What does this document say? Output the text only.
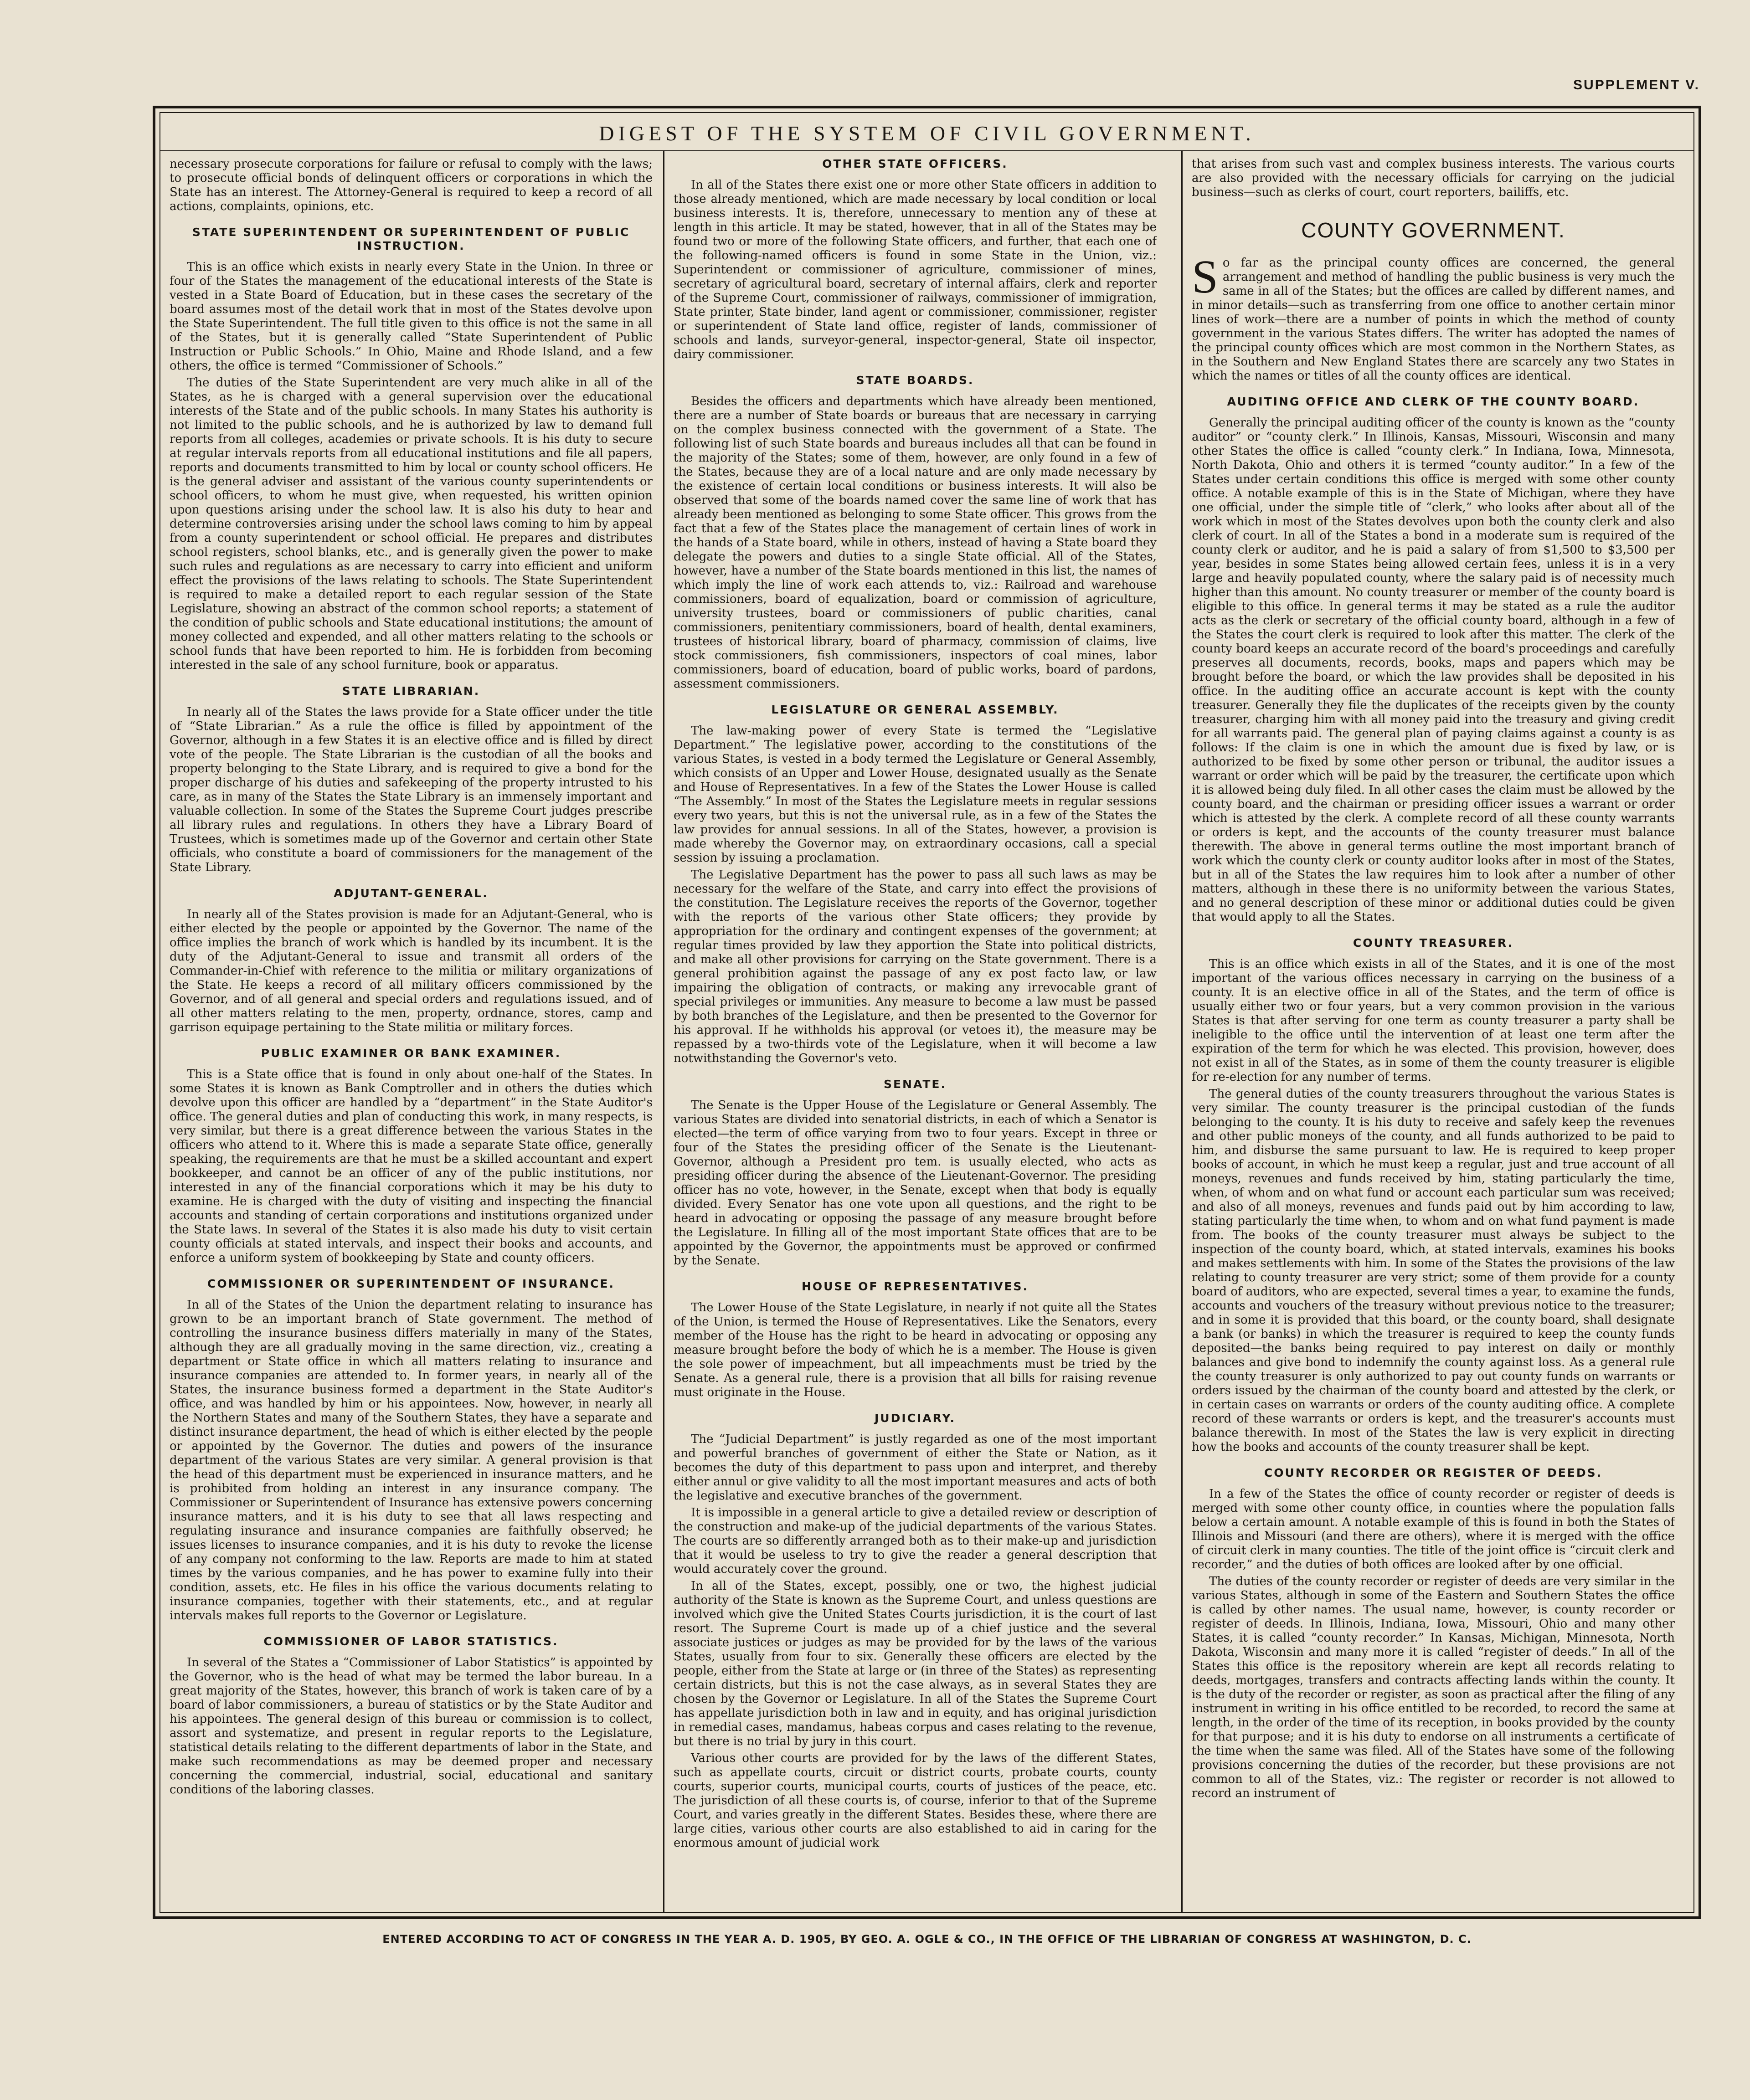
SUPPLEMENT V.
DIGEST OF THE SYSTEM OF CIVIL GOVERNMENT.

necessary prosecute corporations for failure or refusal to comply with the laws; to prosecute official bonds of delinquent officers or corporations in which the State has an interest. The Attorney-General is required to keep a record of all actions, complaints, opinions, etc.

STATE SUPERINTENDENT OR SUPERINTENDENT OF PUBLIC INSTRUCTION.

This is an office which exists in nearly every State in the Union. In three or four of the States the management of the educational interests of the State is vested in a State Board of Education, but in these cases the secretary of the board assumes most of the detail work that in most of the States devolve upon the State Superintendent. The full title given to this office is not the same in all of the States, but it is generally called “State Superintendent of Public Instruction or Public Schools.” In Ohio, Maine and Rhode Island, and a few others, the office is termed “Commissioner of Schools.”

The duties of the State Superintendent are very much alike in all of the States, as he is charged with a general supervision over the educational interests of the State and of the public schools. In many States his authority is not limited to the public schools, and he is authorized by law to demand full reports from all colleges, academies or private schools. It is his duty to secure at regular intervals reports from all educational institutions and file all papers, reports and documents transmitted to him by local or county school officers. He is the general adviser and assistant of the various county superintendents or school officers, to whom he must give, when requested, his written opinion upon questions arising under the school law. It is also his duty to hear and determine controversies arising under the school laws coming to him by appeal from a county superintendent or school official. He prepares and distributes school registers, school blanks, etc., and is generally given the power to make such rules and regulations as are necessary to carry into efficient and uniform effect the provisions of the laws relating to schools. The State Superintendent is required to make a detailed report to each regular session of the State Legislature, showing an abstract of the common school reports; a statement of the condition of public schools and State educational institutions; the amount of money collected and expended, and all other matters relating to the schools or school funds that have been reported to him. He is forbidden from becoming interested in the sale of any school furniture, book or apparatus.

STATE LIBRARIAN.

In nearly all of the States the laws provide for a State officer under the title of “State Librarian.” As a rule the office is filled by appointment of the Governor, although in a few States it is an elective office and is filled by direct vote of the people. The State Librarian is the custodian of all the books and property belonging to the State Library, and is required to give a bond for the proper discharge of his duties and safekeeping of the property intrusted to his care, as in many of the States the State Library is an immensely important and valuable collection. In some of the States the Supreme Court judges prescribe all library rules and regulations. In others they have a Library Board of Trustees, which is sometimes made up of the Governor and certain other State officials, who constitute a board of commissioners for the management of the State Library.

ADJUTANT-GENERAL.

In nearly all of the States provision is made for an Adjutant-General, who is either elected by the people or appointed by the Governor. The name of the office implies the branch of work which is handled by its incumbent. It is the duty of the Adjutant-General to issue and transmit all orders of the Commander-in-Chief with reference to the militia or military organizations of the State. He keeps a record of all military officers commissioned by the Governor, and of all general and special orders and regulations issued, and of all other matters relating to the men, property, ordnance, stores, camp and garrison equipage pertaining to the State militia or military forces.

PUBLIC EXAMINER OR BANK EXAMINER.

This is a State office that is found in only about one-half of the States. In some States it is known as Bank Comptroller and in others the duties which devolve upon this officer are handled by a “department” in the State Auditor's office. The general duties and plan of conducting this work, in many respects, is very similar, but there is a great difference between the various States in the officers who attend to it. Where this is made a separate State office, generally speaking, the requirements are that he must be a skilled accountant and expert bookkeeper, and cannot be an officer of any of the public institutions, nor interested in any of the financial corporations which it may be his duty to examine. He is charged with the duty of visiting and inspecting the financial accounts and standing of certain corporations and institutions organized under the State laws. In several of the States it is also made his duty to visit certain county officials at stated intervals, and inspect their books and accounts, and enforce a uniform system of bookkeeping by State and county officers.

COMMISSIONER OR SUPERINTENDENT OF INSURANCE.

In all of the States of the Union the department relating to insurance has grown to be an important branch of State government. The method of controlling the insurance business differs materially in many of the States, although they are all gradually moving in the same direction, viz., creating a department or State office in which all matters relating to insurance and insurance companies are attended to. In former years, in nearly all of the States, the insurance business formed a department in the State Auditor's office, and was handled by him or his appointees. Now, however, in nearly all the Northern States and many of the Southern States, they have a separate and distinct insurance department, the head of which is either elected by the people or appointed by the Governor. The duties and powers of the insurance department of the various States are very similar. A general provision is that the head of this department must be experienced in insurance matters, and he is prohibited from holding an interest in any insurance company. The Commissioner or Superintendent of Insurance has extensive powers concerning insurance matters, and it is his duty to see that all laws respecting and regulating insurance and insurance companies are faithfully observed; he issues licenses to insurance companies, and it is his duty to revoke the license of any company not conforming to the law. Reports are made to him at stated times by the various companies, and he has power to examine fully into their condition, assets, etc. He files in his office the various documents relating to insurance companies, together with their statements, etc., and at regular intervals makes full reports to the Governor or Legislature.

COMMISSIONER OF LABOR STATISTICS.

In several of the States a “Commissioner of Labor Statistics” is appointed by the Governor, who is the head of what may be termed the labor bureau. In a great majority of the States, however, this branch of work is taken care of by a board of labor commissioners, a bureau of statistics or by the State Auditor and his appointees. The general design of this bureau or commission is to collect, assort and systematize, and present in regular reports to the Legislature, statistical details relating to the different departments of labor in the State, and make such recommendations as may be deemed proper and necessary concerning the commercial, industrial, social, educational and sanitary conditions of the laboring classes.

OTHER STATE OFFICERS.

In all of the States there exist one or more other State officers in addition to those already mentioned, which are made necessary by local condition or local business interests. It is, therefore, unnecessary to mention any of these at length in this article. It may be stated, however, that in all of the States may be found two or more of the following State officers, and further, that each one of the following-named officers is found in some State in the Union, viz.: Superintendent or commissioner of agriculture, commissioner of mines, secretary of agricultural board, secretary of internal affairs, clerk and reporter of the Supreme Court, commissioner of railways, commissioner of immigration, State printer, State binder, land agent or commissioner, commissioner, register or superintendent of State land office, register of lands, commissioner of schools and lands, surveyor-general, inspector-general, State oil inspector, dairy commissioner.

STATE BOARDS.

Besides the officers and departments which have already been mentioned, there are a number of State boards or bureaus that are necessary in carrying on the complex business connected with the government of a State. The following list of such State boards and bureaus includes all that can be found in the majority of the States; some of them, however, are only found in a few of the States, because they are of a local nature and are only made necessary by the existence of certain local conditions or business interests. It will also be observed that some of the boards named cover the same line of work that has already been mentioned as belonging to some State officer. This grows from the fact that a few of the States place the management of certain lines of work in the hands of a State board, while in others, instead of having a State board they delegate the powers and duties to a single State official. All of the States, however, have a number of the State boards mentioned in this list, the names of which imply the line of work each attends to, viz.: Railroad and warehouse commissioners, board of equalization, board or commission of agriculture, university trustees, board or commissioners of public charities, canal commissioners, penitentiary commissioners, board of health, dental examiners, trustees of historical library, board of pharmacy, commission of claims, live stock commissioners, fish commissioners, inspectors of coal mines, labor commissioners, board of education, board of public works, board of pardons, assessment commissioners.

LEGISLATURE OR GENERAL ASSEMBLY.

The law-making power of every State is termed the “Legislative Department.” The legislative power, according to the constitutions of the various States, is vested in a body termed the Legislature or General Assembly, which consists of an Upper and Lower House, designated usually as the Senate and House of Representatives. In a few of the States the Lower House is called “The Assembly.” In most of the States the Legislature meets in regular sessions every two years, but this is not the universal rule, as in a few of the States the law provides for annual sessions. In all of the States, however, a provision is made whereby the Governor may, on extraordinary occasions, call a special session by issuing a proclamation.

The Legislative Department has the power to pass all such laws as may be necessary for the welfare of the State, and carry into effect the provisions of the constitution. The Legislature receives the reports of the Governor, together with the reports of the various other State officers; they provide by appropriation for the ordinary and contingent expenses of the government; at regular times provided by law they apportion the State into political districts, and make all other provisions for carrying on the State government. There is a general prohibition against the passage of any ex post facto law, or law impairing the obligation of contracts, or making any irrevocable grant of special privileges or immunities. Any measure to become a law must be passed by both branches of the Legislature, and then be presented to the Governor for his approval. If he withholds his approval (or vetoes it), the measure may be repassed by a two-thirds vote of the Legislature, when it will become a law notwithstanding the Governor's veto.

SENATE.

The Senate is the Upper House of the Legislature or General Assembly. The various States are divided into senatorial districts, in each of which a Senator is elected—the term of office varying from two to four years. Except in three or four of the States the presiding officer of the Senate is the Lieutenant-Governor, although a President pro tem. is usually elected, who acts as presiding officer during the absence of the Lieutenant-Governor. The presiding officer has no vote, however, in the Senate, except when that body is equally divided. Every Senator has one vote upon all questions, and the right to be heard in advocating or opposing the passage of any measure brought before the Legislature. In filling all of the most important State offices that are to be appointed by the Governor, the appointments must be approved or confirmed by the Senate.

HOUSE OF REPRESENTATIVES.

The Lower House of the State Legislature, in nearly if not quite all the States of the Union, is termed the House of Representatives. Like the Senators, every member of the House has the right to be heard in advocating or opposing any measure brought before the body of which he is a member. The House is given the sole power of impeachment, but all impeachments must be tried by the Senate. As a general rule, there is a provision that all bills for raising revenue must originate in the House.

JUDICIARY.

The “Judicial Department” is justly regarded as one of the most important and powerful branches of government of either the State or Nation, as it becomes the duty of this department to pass upon and interpret, and thereby either annul or give validity to all the most important measures and acts of both the legislative and executive branches of the government.

It is impossible in a general article to give a detailed review or description of the construction and make-up of the judicial departments of the various States. The courts are so differently arranged both as to their make-up and jurisdiction that it would be useless to try to give the reader a general description that would accurately cover the ground.

In all of the States, except, possibly, one or two, the highest judicial authority of the State is known as the Supreme Court, and unless questions are involved which give the United States Courts jurisdiction, it is the court of last resort. The Supreme Court is made up of a chief justice and the several associate justices or judges as may be provided for by the laws of the various States, usually from four to six. Generally these officers are elected by the people, either from the State at large or (in three of the States) as representing certain districts, but this is not the case always, as in several States they are chosen by the Governor or Legislature. In all of the States the Supreme Court has appellate jurisdiction both in law and in equity, and has original jurisdiction in remedial cases, mandamus, habeas corpus and cases relating to the revenue, but there is no trial by jury in this court.

Various other courts are provided for by the laws of the different States, such as appellate courts, circuit or district courts, probate courts, county courts, superior courts, municipal courts, courts of justices of the peace, etc. The jurisdiction of all these courts is, of course, inferior to that of the Supreme Court, and varies greatly in the different States. Besides these, where there are large cities, various other courts are also established to aid in caring for the enormous amount of judicial work

that arises from such vast and complex business interests. The various courts are also provided with the necessary officials for carrying on the judicial business—such as clerks of court, court reporters, bailiffs, etc.

COUNTY GOVERNMENT.

So far as the principal county offices are concerned, the general arrangement and method of handling the public business is very much the same in all of the States; but the offices are called by different names, and in minor details—such as transferring from one office to another certain minor lines of work—there are a number of points in which the method of county government in the various States differs. The writer has adopted the names of the principal county offices which are most common in the Northern States, as in the Southern and New England States there are scarcely any two States in which the names or titles of all the county offices are identical.

AUDITING OFFICE AND CLERK OF THE COUNTY BOARD.

Generally the principal auditing officer of the county is known as the “county auditor” or “county clerk.” In Illinois, Kansas, Missouri, Wisconsin and many other States the office is called “county clerk.” In Indiana, Iowa, Minnesota, North Dakota, Ohio and others it is termed “county auditor.” In a few of the States under certain conditions this office is merged with some other county office. A notable example of this is in the State of Michigan, where they have one official, under the simple title of “clerk,” who looks after about all of the work which in most of the States devolves upon both the county clerk and also clerk of court. In all of the States a bond in a moderate sum is required of the county clerk or auditor, and he is paid a salary of from $1,500 to $3,500 per year, besides in some States being allowed certain fees, unless it is in a very large and heavily populated county, where the salary paid is of necessity much higher than this amount. No county treasurer or member of the county board is eligible to this office. In general terms it may be stated as a rule the auditor acts as the clerk or secretary of the official county board, although in a few of the States the court clerk is required to look after this matter. The clerk of the county board keeps an accurate record of the board's proceedings and carefully preserves all documents, records, books, maps and papers which may be brought before the board, or which the law provides shall be deposited in his office. In the auditing office an accurate account is kept with the county treasurer. Generally they file the duplicates of the receipts given by the county treasurer, charging him with all money paid into the treasury and giving credit for all warrants paid. The general plan of paying claims against a county is as follows: If the claim is one in which the amount due is fixed by law, or is authorized to be fixed by some other person or tribunal, the auditor issues a warrant or order which will be paid by the treasurer, the certificate upon which it is allowed being duly filed. In all other cases the claim must be allowed by the county board, and the chairman or presiding officer issues a warrant or order which is attested by the clerk. A complete record of all these county warrants or orders is kept, and the accounts of the county treasurer must balance therewith. The above in general terms outline the most important branch of work which the county clerk or county auditor looks after in most of the States, but in all of the States the law requires him to look after a number of other matters, although in these there is no uniformity between the various States, and no general description of these minor or additional duties could be given that would apply to all the States.

COUNTY TREASURER.

This is an office which exists in all of the States, and it is one of the most important of the various offices necessary in carrying on the business of a county. It is an elective office in all of the States, and the term of office is usually either two or four years, but a very common provision in the various States is that after serving for one term as county treasurer a party shall be ineligible to the office until the intervention of at least one term after the expiration of the term for which he was elected. This provision, however, does not exist in all of the States, as in some of them the county treasurer is eligible for re-election for any number of terms.

The general duties of the county treasurers throughout the various States is very similar. The county treasurer is the principal custodian of the funds belonging to the county. It is his duty to receive and safely keep the revenues and other public moneys of the county, and all funds authorized to be paid to him, and disburse the same pursuant to law. He is required to keep proper books of account, in which he must keep a regular, just and true account of all moneys, revenues and funds received by him, stating particularly the time, when, of whom and on what fund or account each particular sum was received; and also of all moneys, revenues and funds paid out by him according to law, stating particularly the time when, to whom and on what fund payment is made from. The books of the county treasurer must always be subject to the inspection of the county board, which, at stated intervals, examines his books and makes settlements with him. In some of the States the provisions of the law relating to county treasurer are very strict; some of them provide for a county board of auditors, who are expected, several times a year, to examine the funds, accounts and vouchers of the treasury without previous notice to the treasurer; and in some it is provided that this board, or the county board, shall designate a bank (or banks) in which the treasurer is required to keep the county funds deposited—the banks being required to pay interest on daily or monthly balances and give bond to indemnify the county against loss. As a general rule the county treasurer is only authorized to pay out county funds on warrants or orders issued by the chairman of the county board and attested by the clerk, or in certain cases on warrants or orders of the county auditing office. A complete record of these warrants or orders is kept, and the treasurer's accounts must balance therewith. In most of the States the law is very explicit in directing how the books and accounts of the county treasurer shall be kept.

COUNTY RECORDER OR REGISTER OF DEEDS.

In a few of the States the office of county recorder or register of deeds is merged with some other county office, in counties where the population falls below a certain amount. A notable example of this is found in both the States of Illinois and Missouri (and there are others), where it is merged with the office of circuit clerk in many counties. The title of the joint office is “circuit clerk and recorder,” and the duties of both offices are looked after by one official.

The duties of the county recorder or register of deeds are very similar in the various States, although in some of the Eastern and Southern States the office is called by other names. The usual name, however, is county recorder or register of deeds. In Illinois, Indiana, Iowa, Missouri, Ohio and many other States, it is called “county recorder.” In Kansas, Michigan, Minnesota, North Dakota, Wisconsin and many more it is called “register of deeds.” In all of the States this office is the repository wherein are kept all records relating to deeds, mortgages, transfers and contracts affecting lands within the county. It is the duty of the recorder or register, as soon as practical after the filing of any instrument in writing in his office entitled to be recorded, to record the same at length, in the order of the time of its reception, in books provided by the county for that purpose; and it is his duty to endorse on all instruments a certificate of the time when the same was filed. All of the States have some of the following provisions concerning the duties of the recorder, but these provisions are not common to all of the States, viz.: The register or recorder is not allowed to record an instrument of

ENTERED ACCORDING TO ACT OF CONGRESS IN THE YEAR A. D. 1905, BY GEO. A. OGLE & CO., IN THE OFFICE OF THE LIBRARIAN OF CONGRESS AT WASHINGTON, D. C.
